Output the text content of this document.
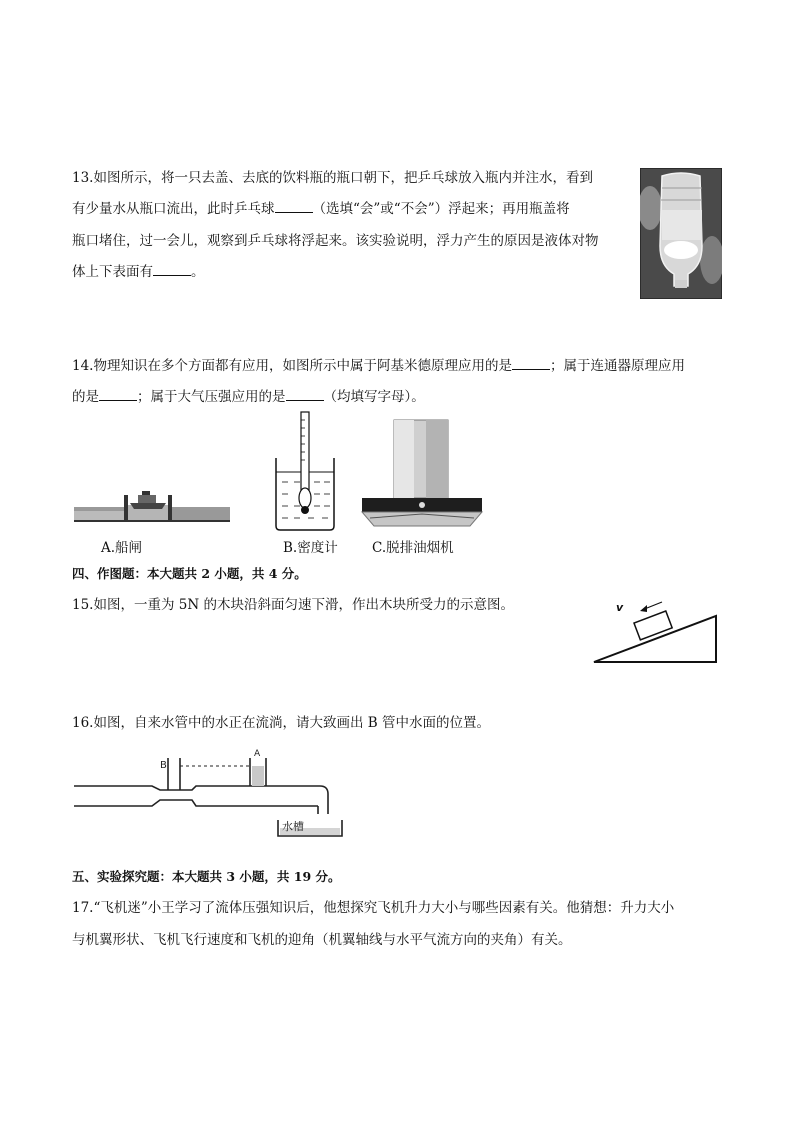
13.如图所示，将一只去盖、去底的饮料瓶的瓶口朝下，把乒乓球放入瓶内并注水，看到
有少量水从瓶口流出，此时乒乓球	（选填“会”或“不会”）浮起来；再用瓶盖将
瓶口堵住，过一会儿，观察到乒乓球将浮起来。该实验说明，浮力产生的原因是液体对物
体上下表面有	。
14.物理知识在多个方面都有应用，如图所示中属于阿基米德原理应用的是	；属于连通器原理应用
的是	；属于大气压强应用的是	（均填写字母）。
A.船闸	B.密度计	C.脱排油烟机
四、作图题：本大题共 2 小题，共 4 分。
15.如图，一重为 5N 的木块沿斜面匀速下滑，作出木块所受力的示意图。	v
16.如图，自来水管中的水正在流淌，请大致画出 B 管中水面的位置。
B
A
水槽
五、实验探究题：本大题共 3 小题，共 19 分。
17.“飞机迷”小王学习了流体压强知识后，他想探究飞机升力大小与哪些因素有关。他猜想：升力大小
与机翼形状、飞机飞行速度和飞机的迎角（机翼轴线与水平气流方向的夹角）有关。
